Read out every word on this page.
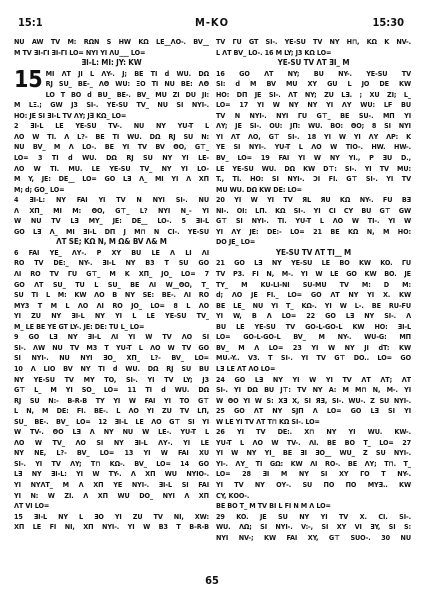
15:1	M-ΚΟ	15:30
NU AW TV M: RΩN S HW KΩ LE__ΛΟ-. BV__
M TV ƎI-ΓΙ ƎI-ΓΙ LO= NYI YI ΛU___ LO=
ƎI-L: MI: JY: KW
15 MI ΛT JI L ΛY-. J; BE TI d WU. DΩ
RJ SU_ BE-_ ΛΘ WU: ΞΟ TI NU BE: ΛΘ
LO T BO d BU_ BE-. BV_ MU ZI DU JI:
M LΞ.; GW J3 SI-. YE-SU TV_ NU SI NYI-.
HO: JE SI ƎI-L TV ΛY; J∃ KΩ_ LO=
2 ƎI-L LE YE-SU TV-. NU NY YU-T L
ΛO W TI. Λ L?- BE TI WU. DΩ RJ SU N:
NU BV_ M Λ LO-. BE YI TV BV ΘΟ, G⊤_
LO= 3 TI d WU. DΩ RJ SU NY YI LE-
ΛO W TI. MU. LE YE-SU TV_ NY YI LO-
M Y, JE: DE__ LO= GO LƎ Λ_ MI YI Λ XΠ
M; d; GΟ_ LO=
4 ƎI-L: NY FAI YI TV N NYI SI-. NU
Λ XΠ_ MI M: ΘΟ, G⊤_ L? NYI N_- YI
W NU TV LƎ MY_ JE: DE__ LO-. 5 ƎI-L
GO LƎ Λ_ MI ƎI-L DΠ J M⊓ N CI-. YE-SU
ΛT SE; KΩ N, M Ω& BV Λ& M
6 FAI YE_ ΛΥ-. P XY BU LE Λ LI ΛΙ
RO TV DE:_ NY-. ƎI-L NY B3 T SU GO
ΛΙ RO TV ΓU G⊤_ M K XΠ_ JO_ LO= 7
GO ΛΤ SU_ TU L SU_ BE ΛΙ W__ΘΟ, Τ_
SU TI L M: KW ΛO B NY SE: BE-. ΛΙ RO
MY3 T M L ΛΟ ΛΙ RO JO_ LO= 8 L ΛO
YI ZU NY ƎI-L NY YI L LE YE-SU TV_
M_ LE BE YE GT LY-. JE: DE: TU L_ LO=
9 GO LƎ NY ƎI-L ΛΙ YI W TV ΛΟ SI
SI-. ΛW NU TV M3 T YU-T L ΛΟ W TV GO
SI NYI-. NU NYI ƎO_ XΠ_ L?- BV_ LO=
10 Λ LIO BV NY TI d WU. DΩ RJ SU BU
NY YE-SU TV MY TO, SI-. YI TV LY; J3
G⊤ L_ M YI SO_ LO= 11 TI d WU. DΩ
RJ SU N:- B-R-B TY YI W FAI YI TO G⊤
L N, M DE: FI. BE-. L ΛΟ YI ZU TV LΠ,
SU_ BE-. BV_ LO= 12 ƎI-L LE ΛΟ G⊤ SI YI
W TV-. ΘΟ LƎ Λ NY NU W LE-. YU-T L
ΛΟ W TV_ ΛΟ SI NY ƎI-L ΛΥ-. YI LE
NY NE, L?- BV_ LO= 13 YI W FAI XU
SI-. YI TV ΛY; T⊓ KΩ-. BV_ LO= 14 GO
LƎ NY ƎI-L: YI W TY-. Λ XΠ WU NYIO-.
YI NYΛT_ M Λ XΠ YE NYI-. ƎI-L SI FAI
YI N: W ZI. Λ XΠ WU DΟ_ NYI Λ XΠ
ΛΤ VI LO=
15 ƎI-L NY L ƎΟ YI ZU TV NI, XW:
XΠ LE FI NI, XΠ NYI-. YI W B3 T B-R-B
TV ΓU GT SI-. YE-SU TV NY H⊓, KΩ K NV-.
L ΛΤ BV_ LO-. 16 M LY; J3 KΩ LO=
YE-SU TV ΛΤ ƎI_ M
16 GO ΛΤ NY; BU NY-. YE-SU TV
SI: d M BV MU XY GU L JO DE KW
HO: DΠ JE SI-. ΛΤ NY; ZU LƎ. ; XU ZI; L_
LO= 17 YI W NY NY YI ΛΥ WU: LF BU
TV N NYI-. NYI ΓU G⊤_ BE SU-. MΠ YI
ΛY; JE SI-. ΟU: JΠ: WU. ΒΟ: ΘΟ; 8 SI NYI
YI ΛΤ ΛΟ, G⊤ SI-. 18 YI W YI ΛΥ ΛΡ: K
YE SI NYI-. YU-T L ΛΟ W TIO-. HW. HW-.
BV_ LO= 19 FAI YI W NY YI., P ƎU D.,
LE YE-SU WU. DΩ KW D⊤: SI-. YI TV MU:
T., TI. HO: SI NYI-. ƆI FI. G⊤ SI-. YI TV
MU WU. DΩ KW DE: LO=
20 YI W YI TV ЯL ЯU KΩ NY-. FU BƎ
NI-. ΟΙ: LΠ. KΩ SI-. YI CI CY BU G⊤ GW
G⊤ SI NYI-. TI. YU-T L ΛΟ W TI-. YI W
YI ΛΥ JE: DE:- LO= 21 BE KΩ N, M HO:
DΟ JE_ LO=
YE-SU TV ΛΤ ΤΙ__ M
21 GO LƎ NY YE-SU LE BO KW KO. ΓU
TV P3. FI N, M-. YI W LE GO KW BO. JE
TY_ M KU-LI-NI SU-MU TV M: D M:
d; ΛΟ JE FI._ LO= GO ΛΤ NY YI X. KW
BE LE_ NU YI T_ KΩ-. YI W L-. BE RU-FU
YI W, B Λ LO= 22 GO LƎ NY SI-. Λ
BU LE YE-SU TV GO-L-GO-L KW HO: ƎI-L
LO= GO-L-GO-L BV_ M NY-. WU-G: MΠ
BV_ M Λ LO= 23 YI W NY JI dT: KW
MU.-Y.. V3. T SI-. YI TV G⊤ DO.. LO= GO
LƎ LE ΛΤ ΛΟ LO=
24 GO LƎ NY YI W YI TV ΛΤ ΛΤ; ΛΤ
SI-. YI DΩ BU J⊤: TV NY A: M M⊓ N, M-. YI
W ΘΟ YI W S: XƎ X, SI ЯƎ, SI-. WU-. Z SU NYI-.
25 GO ΛΤ NY SJΠ Λ LO= GO LƎ SI YI
W LE YI TV ΛΤ T⊓ KΩ SI-. LO=
26 YI TV DE:. X⊓ NY YI WU. KW-.
YU-T L ΛΟ W TV-. ΛΙ. BE BO T_ LO= 27
YI W NY YI_ BE ƎI ƎO__ WU_ Z SU NYI-.
YI-. ΛΥ_ TI GΩ: KW ΛΙ RO-. BE ΛΥ; T⊓. T_
LO= 28 ƎI M NY SI XY ΓΟ T NY-.
YI TV NY ΟΥ-. SU ΠΟ ΠΟ MYƎ.. KW
CY, KΟΟ-.
BE BO T_ M TV BI L FI N M Λ LO=
29 KO. JE SU NY YI TV X. CI. SI-.
WU. ΛΩ; SI NYI-. V:-, SI XY VI ƎY, SI S:
NYI NV-; KW FAI XY, G⊤ SUO-. 30 NU
65
